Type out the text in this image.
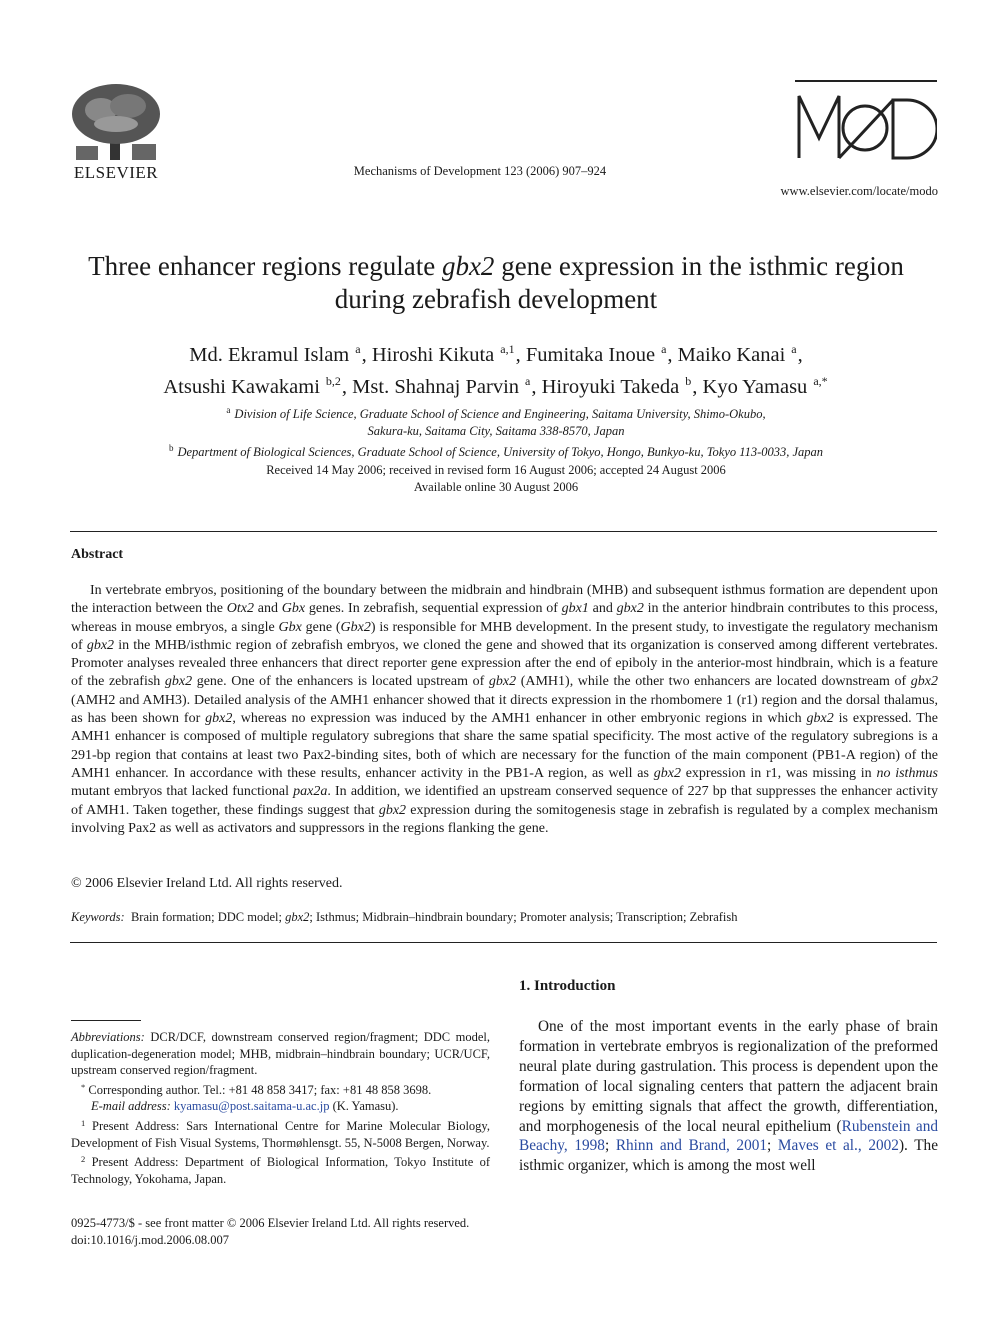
ELSEVIER	Mechanisms of Development 123 (2006) 907–924
www.elsevier.com/locate/modo
Three enhancer regions regulate gbx2 gene expression in the isthmic region during zebrafish development
Md. Ekramul Islam $^a$, Hiroshi Kikuta $^{a,1}$, Fumitaka Inoue $^a$, Maiko Kanai $^a$,
Atsushi Kawakami $^{b,2}$, Mst. Shahnaj Parvin $^a$, Hiroyuki Takeda $^b$, Kyo Yamasu $^{a,*}$
$^a$ Division of Life Science, Graduate School of Science and Engineering, Saitama University, Shimo-Okubo,
Sakura-ku, Saitama City, Saitama 338-8570, Japan
$^b$ Department of Biological Sciences, Graduate School of Science, University of Tokyo, Hongo, Bunkyo-ku, Tokyo 113-0033, Japan
Received 14 May 2006; received in revised form 16 August 2006; accepted 24 August 2006
Available online 30 August 2006
Abstract
In vertebrate embryos, positioning of the boundary between the midbrain and hindbrain (MHB) and subsequent isthmus formation are dependent upon the interaction between the Otx2 and Gbx genes. In zebrafish, sequential expression of gbx1 and gbx2 in the anterior hindbrain contributes to this process, whereas in mouse embryos, a single Gbx gene (Gbx2) is responsible for MHB development. In the present study, to investigate the regulatory mechanism of gbx2 in the MHB/isthmic region of zebrafish embryos, we cloned the gene and showed that its organization is conserved among different vertebrates. Promoter analyses revealed three enhancers that direct reporter gene expression after the end of epiboly in the anterior-most hindbrain, which is a feature of the zebrafish gbx2 gene. One of the enhancers is located upstream of gbx2 (AMH1), while the other two enhancers are located downstream of gbx2 (AMH2 and AMH3). Detailed analysis of the AMH1 enhancer showed that it directs expression in the rhombomere 1 (r1) region and the dorsal thalamus, as has been shown for gbx2, whereas no expression was induced by the AMH1 enhancer in other embryonic regions in which gbx2 is expressed. The AMH1 enhancer is composed of multiple regulatory subregions that share the same spatial specificity. The most active of the regulatory subregions is a 291-bp region that contains at least two Pax2-binding sites, both of which are necessary for the function of the main component (PB1-A region) of the AMH1 enhancer. In accordance with these results, enhancer activity in the PB1-A region, as well as gbx2 expression in r1, was missing in no isthmus mutant embryos that lacked functional pax2a. In addition, we identified an upstream conserved sequence of 227 bp that suppresses the enhancer activity of AMH1. Taken together, these findings suggest that gbx2 expression during the somitogenesis stage in zebrafish is regulated by a complex mechanism involving Pax2 as well as activators and suppressors in the regions flanking the gene.
© 2006 Elsevier Ireland Ltd. All rights reserved.
Keywords: Brain formation; DDC model; gbx2; Isthmus; Midbrain–hindbrain boundary; Promoter analysis; Transcription; Zebrafish

Abbreviations: DCR/DCF, downstream conserved region/fragment; DDC model, duplication-degeneration model; MHB, midbrain–hindbrain boundary; UCR/UCF, upstream conserved region/fragment.

* Corresponding author. Tel.: +81 48 858 3417; fax: +81 48 858 3698.

E-mail address: kyamasu@post.saitama-u.ac.jp (K. Yamasu).

$^1$ Present Address: Sars International Centre for Marine Molecular Biology, Development of Fish Visual Systems, Thormøhlensgt. 55, N-5008 Bergen, Norway.

$^2$ Present Address: Department of Biological Information, Tokyo Institute of Technology, Yokohama, Japan.

0925-4773/$ - see front matter © 2006 Elsevier Ireland Ltd. All rights reserved.
doi:10.1016/j.mod.2006.08.007
1. Introduction
One of the most important events in the early phase of brain formation in vertebrate embryos is regionalization of the preformed neural plate during gastrulation. This process is dependent upon the formation of local signaling centers that pattern the adjacent brain regions by emitting signals that affect the growth, differentiation, and morphogenesis of the local neural epithelium (Rubenstein and Beachy, 1998; Rhinn and Brand, 2001; Maves et al., 2002). The isthmic organizer, which is among the most well
